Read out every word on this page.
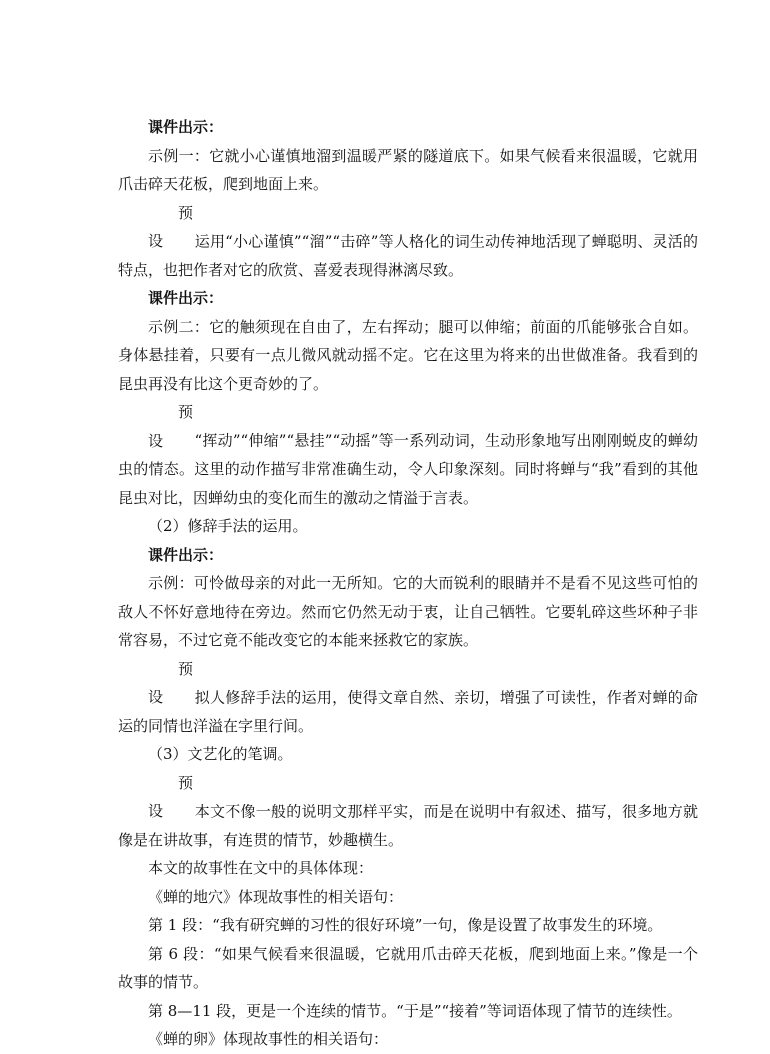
课件出示：

示例一：它就小心谨慎地溜到温暖严紧的隧道底下。如果气候看来很温暖，它就用爪击碎天花板，爬到地面上来。

预设 运用“小心谨慎”“溜”“击碎”等人格化的词生动传神地活现了蝉聪明、灵活的特点，也把作者对它的欣赏、喜爱表现得淋漓尽致。

课件出示：

示例二：它的触须现在自由了，左右挥动；腿可以伸缩；前面的爪能够张合自如。身体悬挂着，只要有一点儿微风就动摇不定。它在这里为将来的出世做准备。我看到的昆虫再没有比这个更奇妙的了。

预设 “挥动”“伸缩”“悬挂”“动摇”等一系列动词，生动形象地写出刚刚蜕皮的蝉幼虫的情态。这里的动作描写非常准确生动，令人印象深刻。同时将蝉与“我”看到的其他昆虫对比，因蝉幼虫的变化而生的激动之情溢于言表。

（2）修辞手法的运用。

课件出示：

示例：可怜做母亲的对此一无所知。它的大而锐利的眼睛并不是看不见这些可怕的敌人不怀好意地待在旁边。然而它仍然无动于衷，让自己牺牲。它要轧碎这些坏种子非常容易，不过它竟不能改变它的本能来拯救它的家族。

预设 拟人修辞手法的运用，使得文章自然、亲切，增强了可读性，作者对蝉的命运的同情也洋溢在字里行间。

（3）文艺化的笔调。

预设 本文不像一般的说明文那样平实，而是在说明中有叙述、描写，很多地方就像是在讲故事，有连贯的情节，妙趣横生。

本文的故事性在文中的具体体现：

《蝉的地穴》体现故事性的相关语句：

第 1 段：“我有研究蝉的习性的很好环境”一句，像是设置了故事发生的环境。

第 6 段：“如果气候看来很温暖，它就用爪击碎天花板，爬到地面上来。”像是一个故事的情节。

第 8—11 段，更是一个连续的情节。“于是”“接着”等词语体现了情节的连续性。

《蝉的卵》体现故事性的相关语句：
